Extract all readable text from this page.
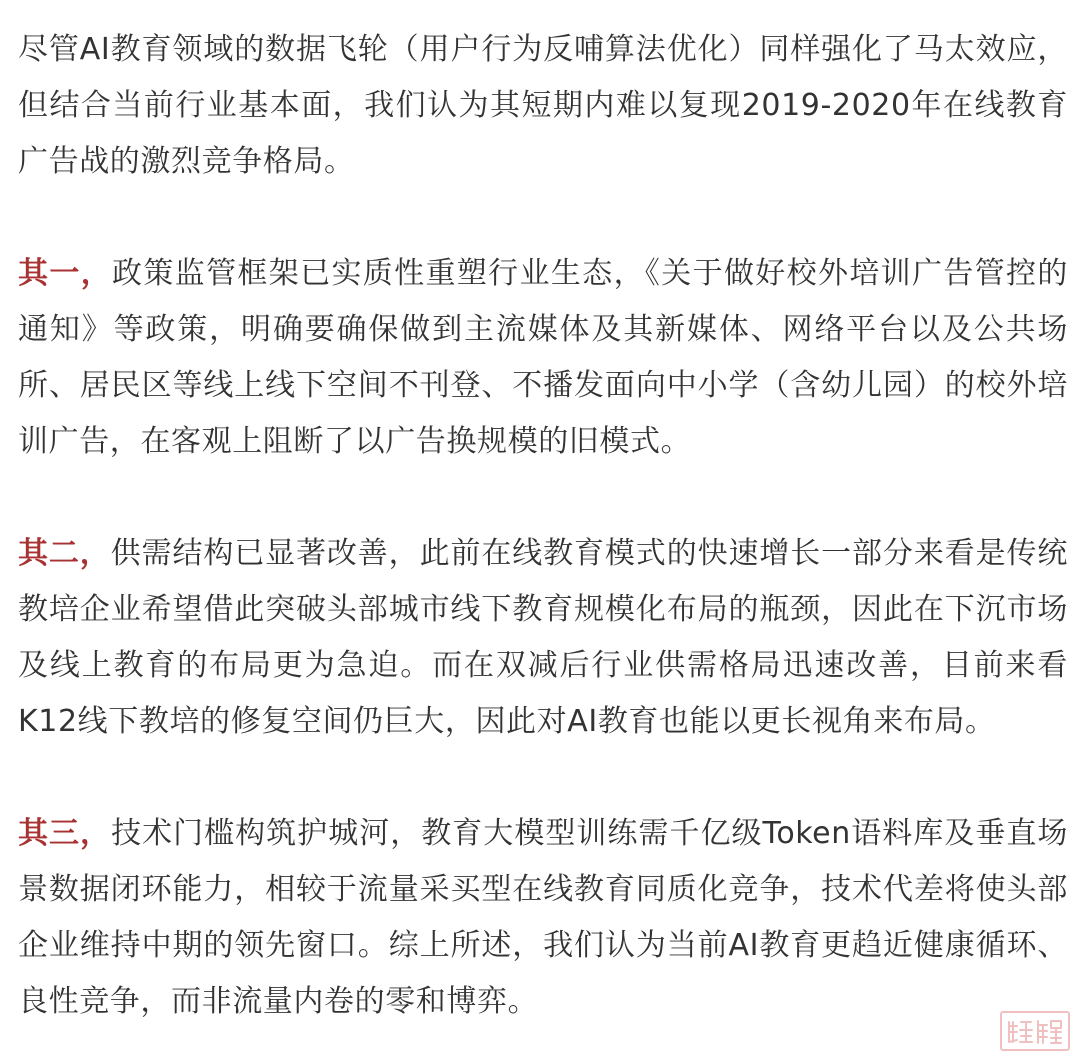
尽管AI教育领域的数据飞轮（用户行为反哺算法优化）同样强化了马太效应，但结合当前行业基本面，我们认为其短期内难以复现2019-2020年在线教育广告战的激烈竞争格局。

其一，政策监管框架已实质性重塑行业生态，《关于做好校外培训广告管控的通知》等政策，明确要确保做到主流媒体及其新媒体、网络平台以及公共场所、居民区等线上线下空间不刊登、不播发面向中小学（含幼儿园）的校外培训广告，在客观上阻断了以广告换规模的旧模式。

其二，供需结构已显著改善，此前在线教育模式的快速增长一部分来看是传统教培企业希望借此突破头部城市线下教育规模化布局的瓶颈，因此在下沉市场及线上教育的布局更为急迫。而在双减后行业供需格局迅速改善，目前来看K12线下教培的修复空间仍巨大，因此对AI教育也能以更长视角来布局。

其三，技术门槛构筑护城河，教育大模型训练需千亿级Token语料库及垂直场景数据闭环能力，相较于流量采买型在线教育同质化竞争，技术代差将使头部企业维持中期的领先窗口。综上所述，我们认为当前AI教育更趋近健康循环、良性竞争，而非流量内卷的零和博弈。
